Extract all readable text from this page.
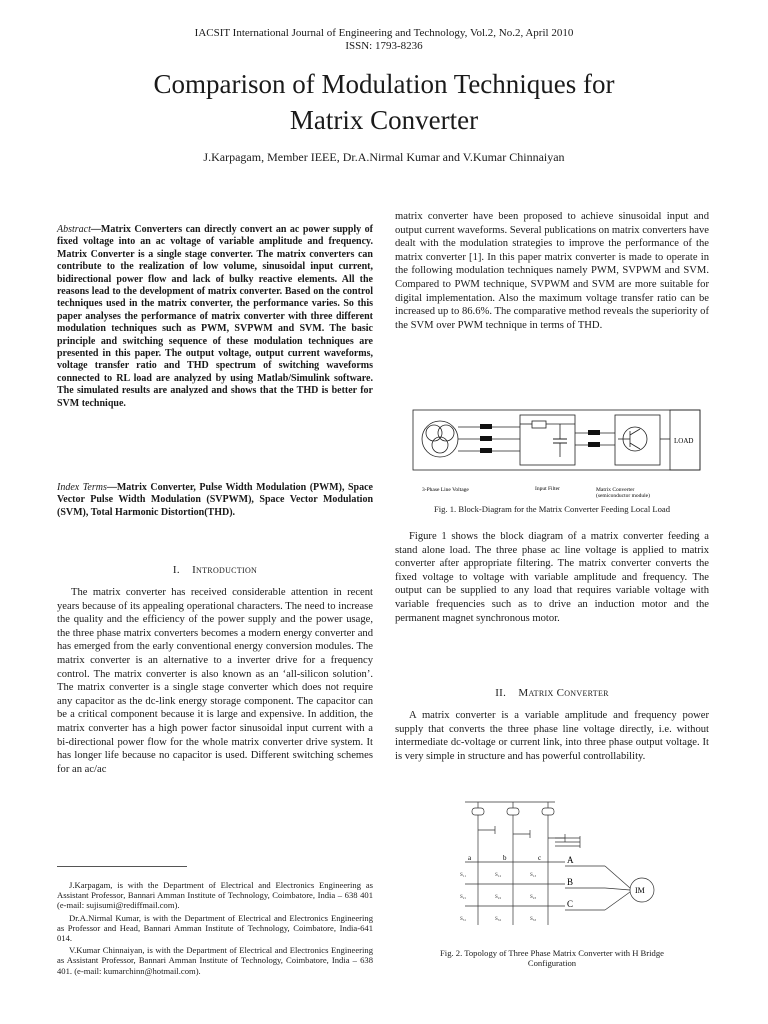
IACSIT International Journal of Engineering and Technology, Vol.2, No.2, April 2010
ISSN: 1793-8236
Comparison of Modulation Techniques for
Matrix Converter
J.Karpagam, Member IEEE, Dr.A.Nirmal Kumar and V.Kumar Chinnaiyan
Abstract—Matrix Converters can directly convert an ac power supply of fixed voltage into an ac voltage of variable amplitude and frequency. Matrix Converter is a single stage converter. The matrix converters can contribute to the realization of low volume, sinusoidal input current, bidirectional power flow and lack of bulky reactive elements. All the reasons lead to the development of matrix converter. Based on the control techniques used in the matrix converter, the performance varies. So this paper analyses the performance of matrix converter with three different modulation techniques such as PWM, SVPWM and SVM. The basic principle and switching sequence of these modulation techniques are presented in this paper. The output voltage, output current waveforms, voltage transfer ratio and THD spectrum of switching waveforms connected to RL load are analyzed by using Matlab/Simulink software. The simulated results are analyzed and shows that the THD is better for SVM technique.
Index Terms—Matrix Converter, Pulse Width Modulation (PWM), Space Vector Pulse Width Modulation (SVPWM), Space Vector Modulation (SVM), Total Harmonic Distortion(THD).
I. Introduction
The matrix converter has received considerable attention in recent years because of its appealing operational characters. The need to increase the quality and the efficiency of the power supply and the power usage, the three phase matrix converters becomes a modern energy converter and has emerged from the early conventional energy conversion modules. The matrix converter is an alternative to a inverter drive for a frequency control. The matrix converter is also known as an ‘all-silicon solution’. The matrix converter is a single stage converter which does not require any capacitor as the dc-link energy storage component. The capacitor can be a critical component because it is large and expensive. In addition, the matrix converter has a high power factor sinusoidal input current with a bi-directional power flow for the whole matrix converter drive system. It has longer life because no capacitor is used. Different switching schemes for an ac/ac

J.Karpagam, is with the Department of Electrical and Electronics Engineering as Assistant Professor, Bannari Amman Institute of Technology, Coimbatore, India – 638 401 (e-mail: sujisumi@rediffmail.com).

Dr.A.Nirmal Kumar, is with the Department of Electrical and Electronics Engineering as Professor and Head, Bannari Amman Institute of Technology, Coimbatore, India-641 014.

V.Kumar Chinnaiyan, is with the Department of Electrical and Electronics Engineering as Assistant Professor, Bannari Amman Institute of Technology, Coimbatore, India – 638 401. (e-mail: kumarchinn@hotmail.com).

matrix converter have been proposed to achieve sinusoidal input and output current waveforms. Several publications on matrix converters have dealt with the modulation strategies to improve the performance of the matrix converter [1]. In this paper matrix converter is made to operate in the following modulation techniques namely PWM, SVPWM and SVM. Compared to PWM technique, SVPWM and SVM are more suitable for digital implementation. Also the maximum voltage transfer ratio can be increased up to 86.6%. The comparative method reveals the superiority of the SVM over PWM technique in terms of THD.
LOAD
3-Phase Line Voltage	Input Filter	Matrix Converter
(semiconductor module)
Fig. 1. Block-Diagram for the Matrix Converter Feeding Local Load
Figure 1 shows the block diagram of a matrix converter feeding a stand alone load. The three phase ac line voltage is applied to matrix converter after appropriate filtering. The matrix converter converts the fixed voltage to voltage with variable amplitude and frequency. The output can be supplied to any load that requires variable voltage with variable frequencies such as to drive an induction motor and the permanent magnet synchronous motor.
II. Matrix Converter
A matrix converter is a variable amplitude and frequency power supply that converts the three phase line voltage directly, i.e. without intermediate dc-voltage or current link, into three phase output voltage. It is very simple in structure and has powerful controllability.
S₁₁	S₁₂	S₁₃
S₂₁	S₂₂	S₂₃
S₃₁	S₃₂	S₃₃
a	b	c	A
B
C
IM
Fig. 2. Topology of Three Phase Matrix Converter with H Bridge
Configuration
